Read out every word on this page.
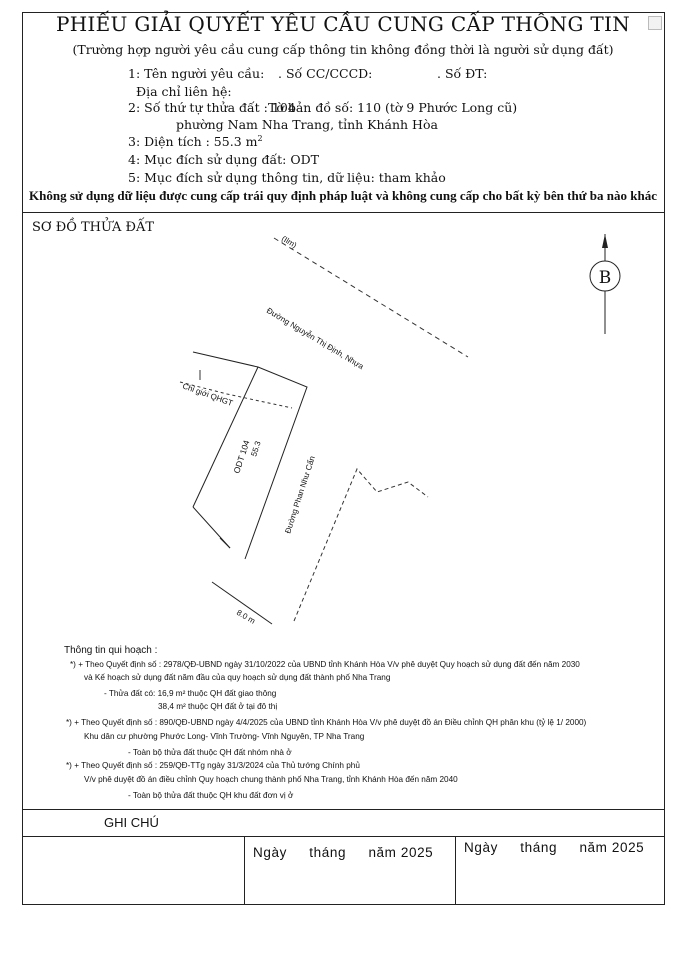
PHIẾU GIẢI QUYẾT YÊU CẦU CUNG CẤP THÔNG TIN
(Trường hợp người yêu cầu cung cấp thông tin không đồng thời là người sử dụng đất)
1: Tên người yêu cầu: . Số CC/CCCD:	. Số ĐT:
Địa chỉ liên hệ:
2: Số thứ tự thửa đất : 104
Tờ bản đồ số: 110 (tờ 9 Phước Long cũ)
phường Nam Nha Trang, tỉnh Khánh Hòa
3: Diện tích : 55.3 $m^2$
4: Mục đích sử dụng đất: ODT
5: Mục đích sử dụng thông tin, dữ liệu: tham khảo
Không sử dụng dữ liệu được cung cấp trái quy định pháp luật và không cung cấp cho bất kỳ bên thứ ba nào khác
SƠ ĐỒ THỬA ĐẤT
(Ilm)
Đường Nguyễn Thị Định, Nhựa
B
Chỉ giới QHGT
ODT 104
55.3
Đường Phan Như Cẩn
8.0 m
Thông tin qui hoạch :
*) + Theo Quyết định số : 2978/QĐ-UBND ngày 31/10/2022 của UBND tỉnh Khánh Hòa V/v phê duyệt Quy hoạch sử dụng đất đến năm 2030
và Kế hoạch sử dụng đất năm đầu của quy hoạch sử dụng đất thành phố Nha Trang
- Thửa đất có: 16,9 m² thuộc QH đất giao thông
38,4 m² thuộc QH đất ở tại đô thị
*) + Theo Quyết định số : 890/QĐ-UBND ngày 4/4/2025 của UBND tỉnh Khánh Hòa V/v phê duyệt đồ án Điều chỉnh QH phân khu (tỷ lệ 1/ 2000)
Khu dân cư phường Phước Long- Vĩnh Trường- Vĩnh Nguyên, TP Nha Trang
- Toàn bộ thửa đất thuộc QH đất nhóm nhà ở
*) + Theo Quyết định số : 259/QĐ-TTg ngày 31/3/2024 của Thủ tướng Chính phủ
V/v phê duyệt đồ án điều chỉnh Quy hoạch chung thành phố Nha Trang, tỉnh Khánh Hòa đến năm 2040
- Toàn bộ thửa đất thuộc QH khu đất đơn vị ở
GHI CHÚ
Ngày tháng năm 2025	Ngày tháng năm 2025
